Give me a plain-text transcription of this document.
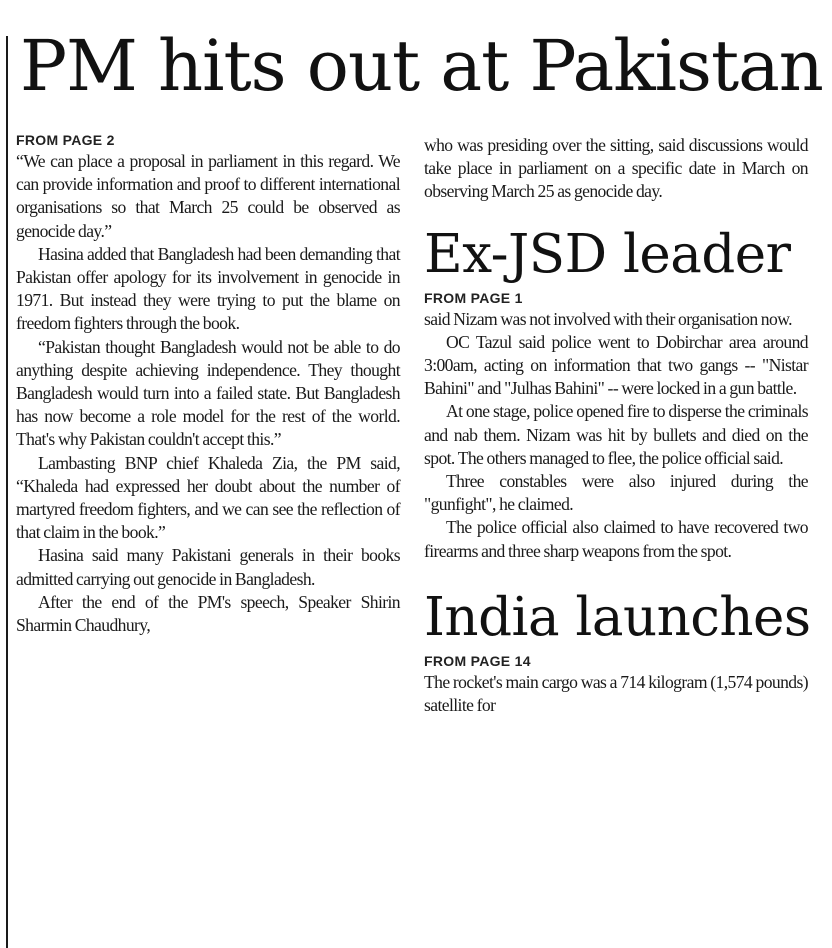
PM hits out at Pakistan

FROM PAGE 2

“We can place a proposal in parliament in this regard. We can provide information and proof to different international organisations so that March 25 could be observed as genocide day.”

Hasina added that Bangladesh had been demanding that Pakistan offer apology for its involvement in genocide in 1971. But instead they were trying to put the blame on freedom fighters through the book.

“Pakistan thought Bangladesh would not be able to do anything despite achieving independence. They thought Bangladesh would turn into a failed state. But Bangladesh has now become a role model for the rest of the world. That's why Pakistan couldn't accept this.”

Lambasting BNP chief Khaleda Zia, the PM said, “Khaleda had expressed her doubt about the number of martyred freedom fighters, and we can see the reflection of that claim in the book.”

Hasina said many Pakistani generals in their books admitted carrying out genocide in Bangladesh.

After the end of the PM's speech, Speaker Shirin Sharmin Chaudhury,

who was presiding over the sitting, said discussions would take place in parliament on a specific date in March on observing March 25 as genocide day.

Ex-JSD leader

FROM PAGE 1

said Nizam was not involved with their organisation now.

OC Tazul said police went to Dobirchar area around 3:00am, acting on information that two gangs -- "Nistar Bahini" and "Julhas Bahini" -- were locked in a gun battle.

At one stage, police opened fire to disperse the criminals and nab them. Nizam was hit by bullets and died on the spot. The others managed to flee, the police official said.

Three constables were also injured during the "gunfight", he claimed.

The police official also claimed to have recovered two firearms and three sharp weapons from the spot.

India launches

FROM PAGE 14

The rocket's main cargo was a 714 kilogram (1,574 pounds) satellite for
